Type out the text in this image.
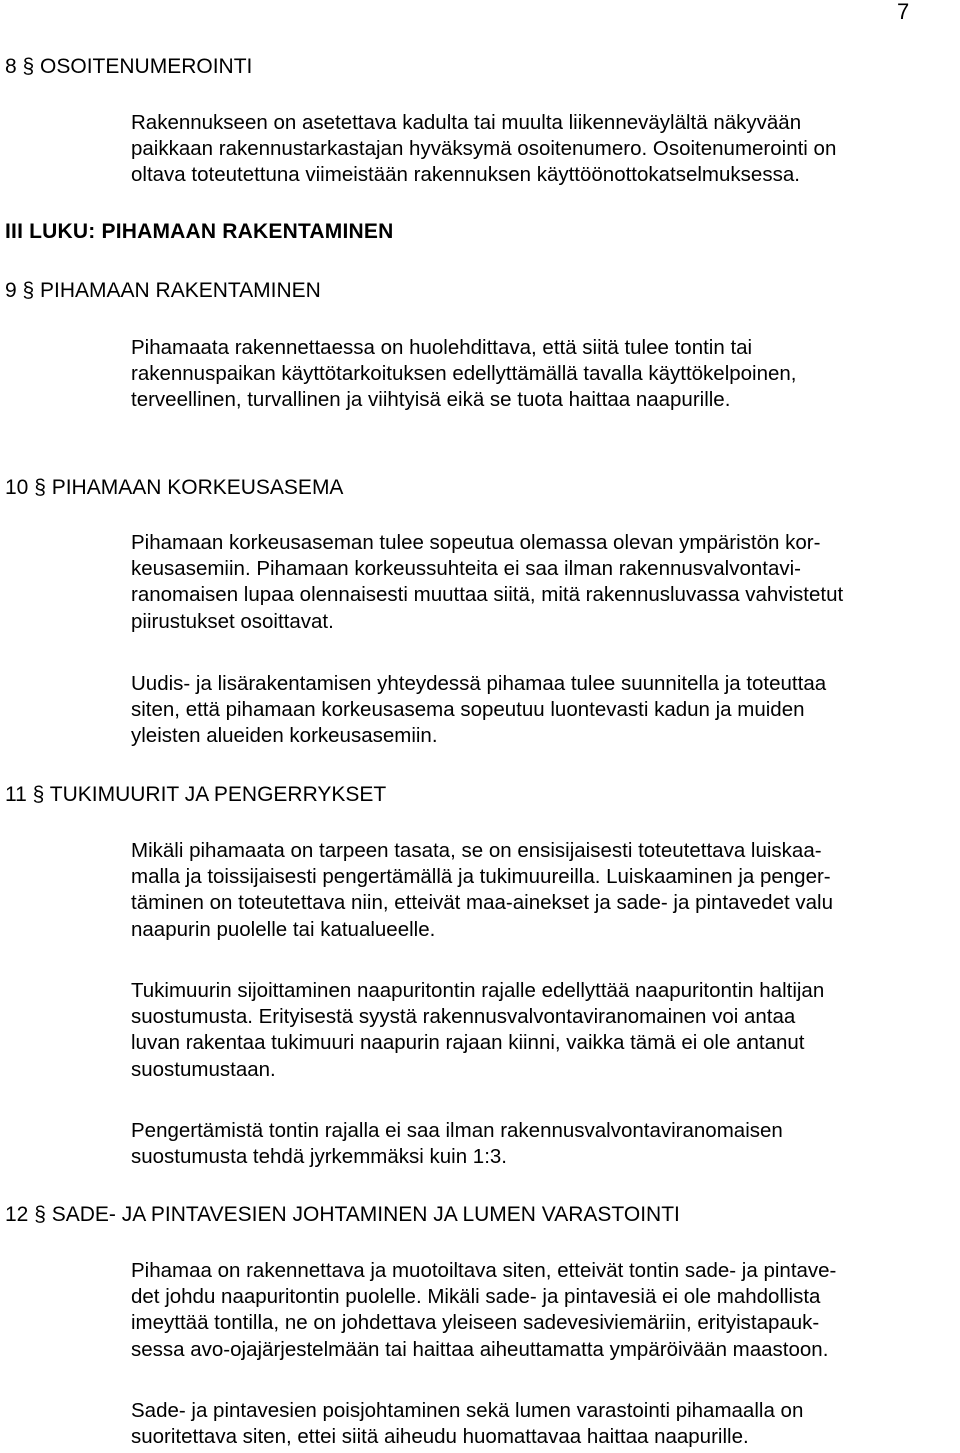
7
8 § OSOITENUMEROINTI
Rakennukseen on asetettava kadulta tai muulta liikenneväylältä näkyvään
paikkaan rakennustarkastajan hyväksymä osoitenumero. Osoitenumerointi on
oltava toteutettuna viimeistään rakennuksen käyttöönottokatselmuksessa.
III LUKU: PIHAMAAN RAKENTAMINEN
9 § PIHAMAAN RAKENTAMINEN
Pihamaata rakennettaessa on huolehdittava, että siitä tulee tontin tai
rakennuspaikan käyttötarkoituksen edellyttämällä tavalla käyttökelpoinen,
terveellinen, turvallinen ja viihtyisä eikä se tuota haittaa naapurille.
10 § PIHAMAAN KORKEUSASEMA
Pihamaan korkeusaseman tulee sopeutua olemassa olevan ympäristön kor-
keusasemiin. Pihamaan korkeussuhteita ei saa ilman rakennusvalvontavi-
ranomaisen lupaa olennaisesti muuttaa siitä, mitä rakennusluvassa vahvistetut
piirustukset osoittavat.
Uudis- ja lisärakentamisen yhteydessä pihamaa tulee suunnitella ja toteuttaa
siten, että pihamaan korkeusasema sopeutuu luontevasti kadun ja muiden
yleisten alueiden korkeusasemiin.
11 § TUKIMUURIT JA PENGERRYKSET
Mikäli pihamaata on tarpeen tasata, se on ensisijaisesti toteutettava luiskaa-
malla ja toissijaisesti pengertämällä ja tukimuureilla. Luiskaaminen ja penger-
täminen on toteutettava niin, etteivät maa-ainekset ja sade- ja pintavedet valu
naapurin puolelle tai katualueelle.
Tukimuurin sijoittaminen naapuritontin rajalle edellyttää naapuritontin haltijan
suostumusta. Erityisestä syystä rakennusvalvontaviranomainen voi antaa
luvan rakentaa tukimuuri naapurin rajaan kiinni, vaikka tämä ei ole antanut
suostumustaan.
Pengertämistä tontin rajalla ei saa ilman rakennusvalvontaviranomaisen
suostumusta tehdä jyrkemmäksi kuin 1:3.
12 § SADE- JA PINTAVESIEN JOHTAMINEN JA LUMEN VARASTOINTI
Pihamaa on rakennettava ja muotoiltava siten, etteivät tontin sade- ja pintave-
det johdu naapuritontin puolelle. Mikäli sade- ja pintavesiä ei ole mahdollista
imeyttää tontilla, ne on johdettava yleiseen sadevesiviemäriin, erityistapauk-
sessa avo-ojajärjestelmään tai haittaa aiheuttamatta ympäröivään maastoon.
Sade- ja pintavesien poisjohtaminen sekä lumen varastointi pihamaalla on
suoritettava siten, ettei siitä aiheudu huomattavaa haittaa naapurille.
